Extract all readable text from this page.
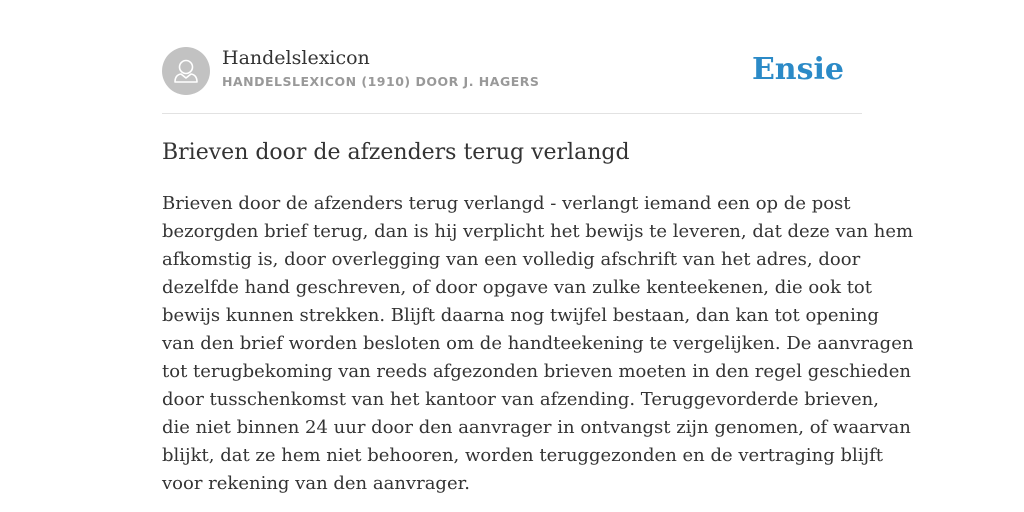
Handelslexicon
HANDELSLEXICON (1910) DOOR J. HAGERS	Ensie
Brieven door de afzenders terug verlangd
Brieven door de afzenders terug verlangd - verlangt iemand een op de post
bezorgden brief terug, dan is hij verplicht het bewijs te leveren, dat deze van hem
afkomstig is, door overlegging van een volledig afschrift van het adres, door
dezelfde hand geschreven, of door opgave van zulke kenteekenen, die ook tot
bewijs kunnen strekken. Blijft daarna nog twijfel bestaan, dan kan tot opening
van den brief worden besloten om de handteekening te vergelijken. De aanvragen
tot terugbekoming van reeds afgezonden brieven moeten in den regel geschieden
door tusschenkomst van het kantoor van afzending. Teruggevorderde brieven,
die niet binnen 24 uur door den aanvrager in ontvangst zijn genomen, of waarvan
blijkt, dat ze hem niet behooren, worden teruggezonden en de vertraging blijft
voor rekening van den aanvrager.
